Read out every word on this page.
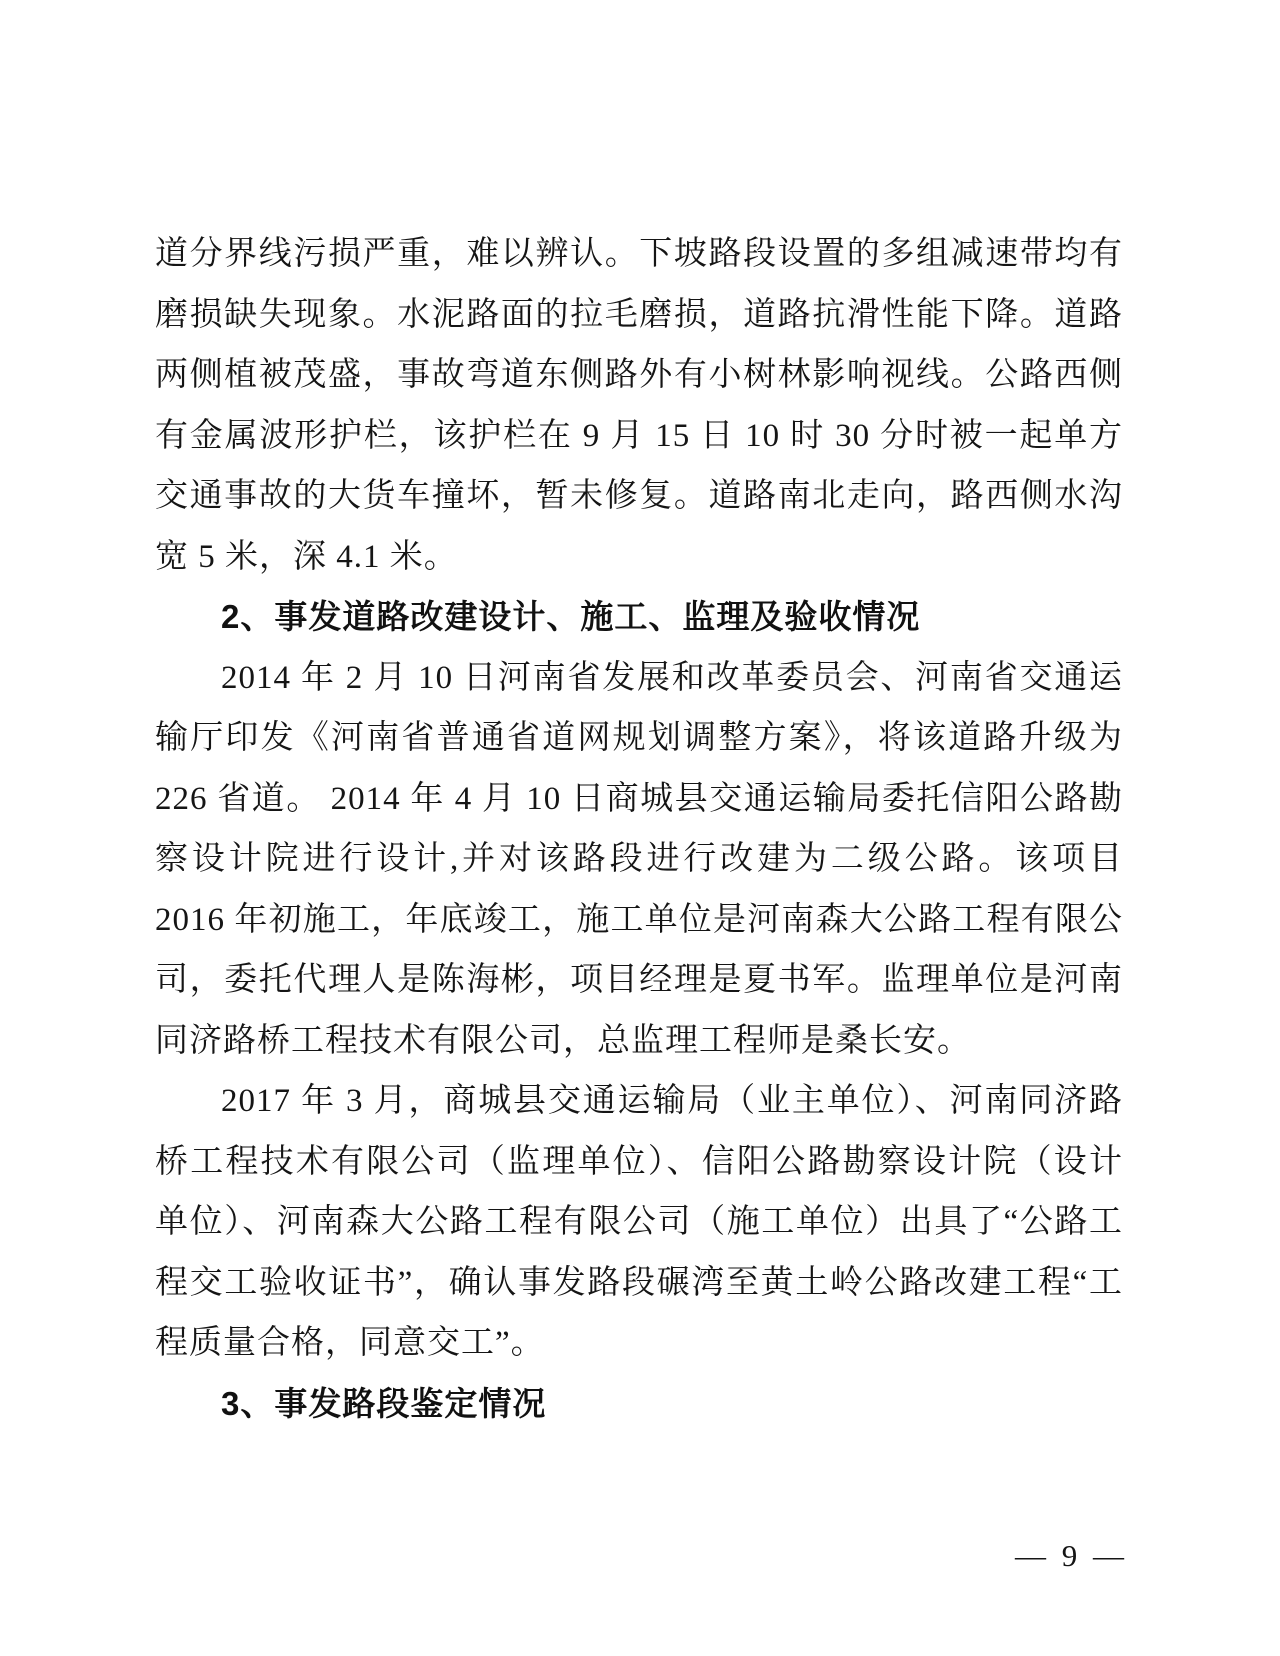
道分界线污损严重，难以辨认。下坡路段设置的多组减速带均有磨损缺失现象。水泥路面的拉毛磨损，道路抗滑性能下降。道路两侧植被茂盛，事故弯道东侧路外有小树林影响视线。公路西侧有金属波形护栏，该护栏在 9 月 15 日 10 时 30 分时被一起单方交通事故的大货车撞坏，暂未修复。道路南北走向，路西侧水沟宽 5 米，深 4.1 米。

2、事发道路改建设计、施工、监理及验收情况

2014 年 2 月 10 日河南省发展和改革委员会、河南省交通运输厅印发《河南省普通省道网规划调整方案》，将该道路升级为 226 省道。 2014 年 4 月 10 日商城县交通运输局委托信阳公路勘察设计院进行设计,并对该路段进行改建为二级公路。该项目 2016 年初施工，年底竣工，施工单位是河南森大公路工程有限公司，委托代理人是陈海彬，项目经理是夏书军。监理单位是河南同济路桥工程技术有限公司，总监理工程师是桑长安。

2017 年 3 月，商城县交通运输局（业主单位）、河南同济路桥工程技术有限公司（监理单位）、信阳公路勘察设计院（设计单位）、河南森大公路工程有限公司（施工单位）出具了“公路工程交工验收证书”，确认事发路段碾湾至黄土岭公路改建工程“工程质量合格，同意交工”。

3、事发路段鉴定情况

— 9 —
